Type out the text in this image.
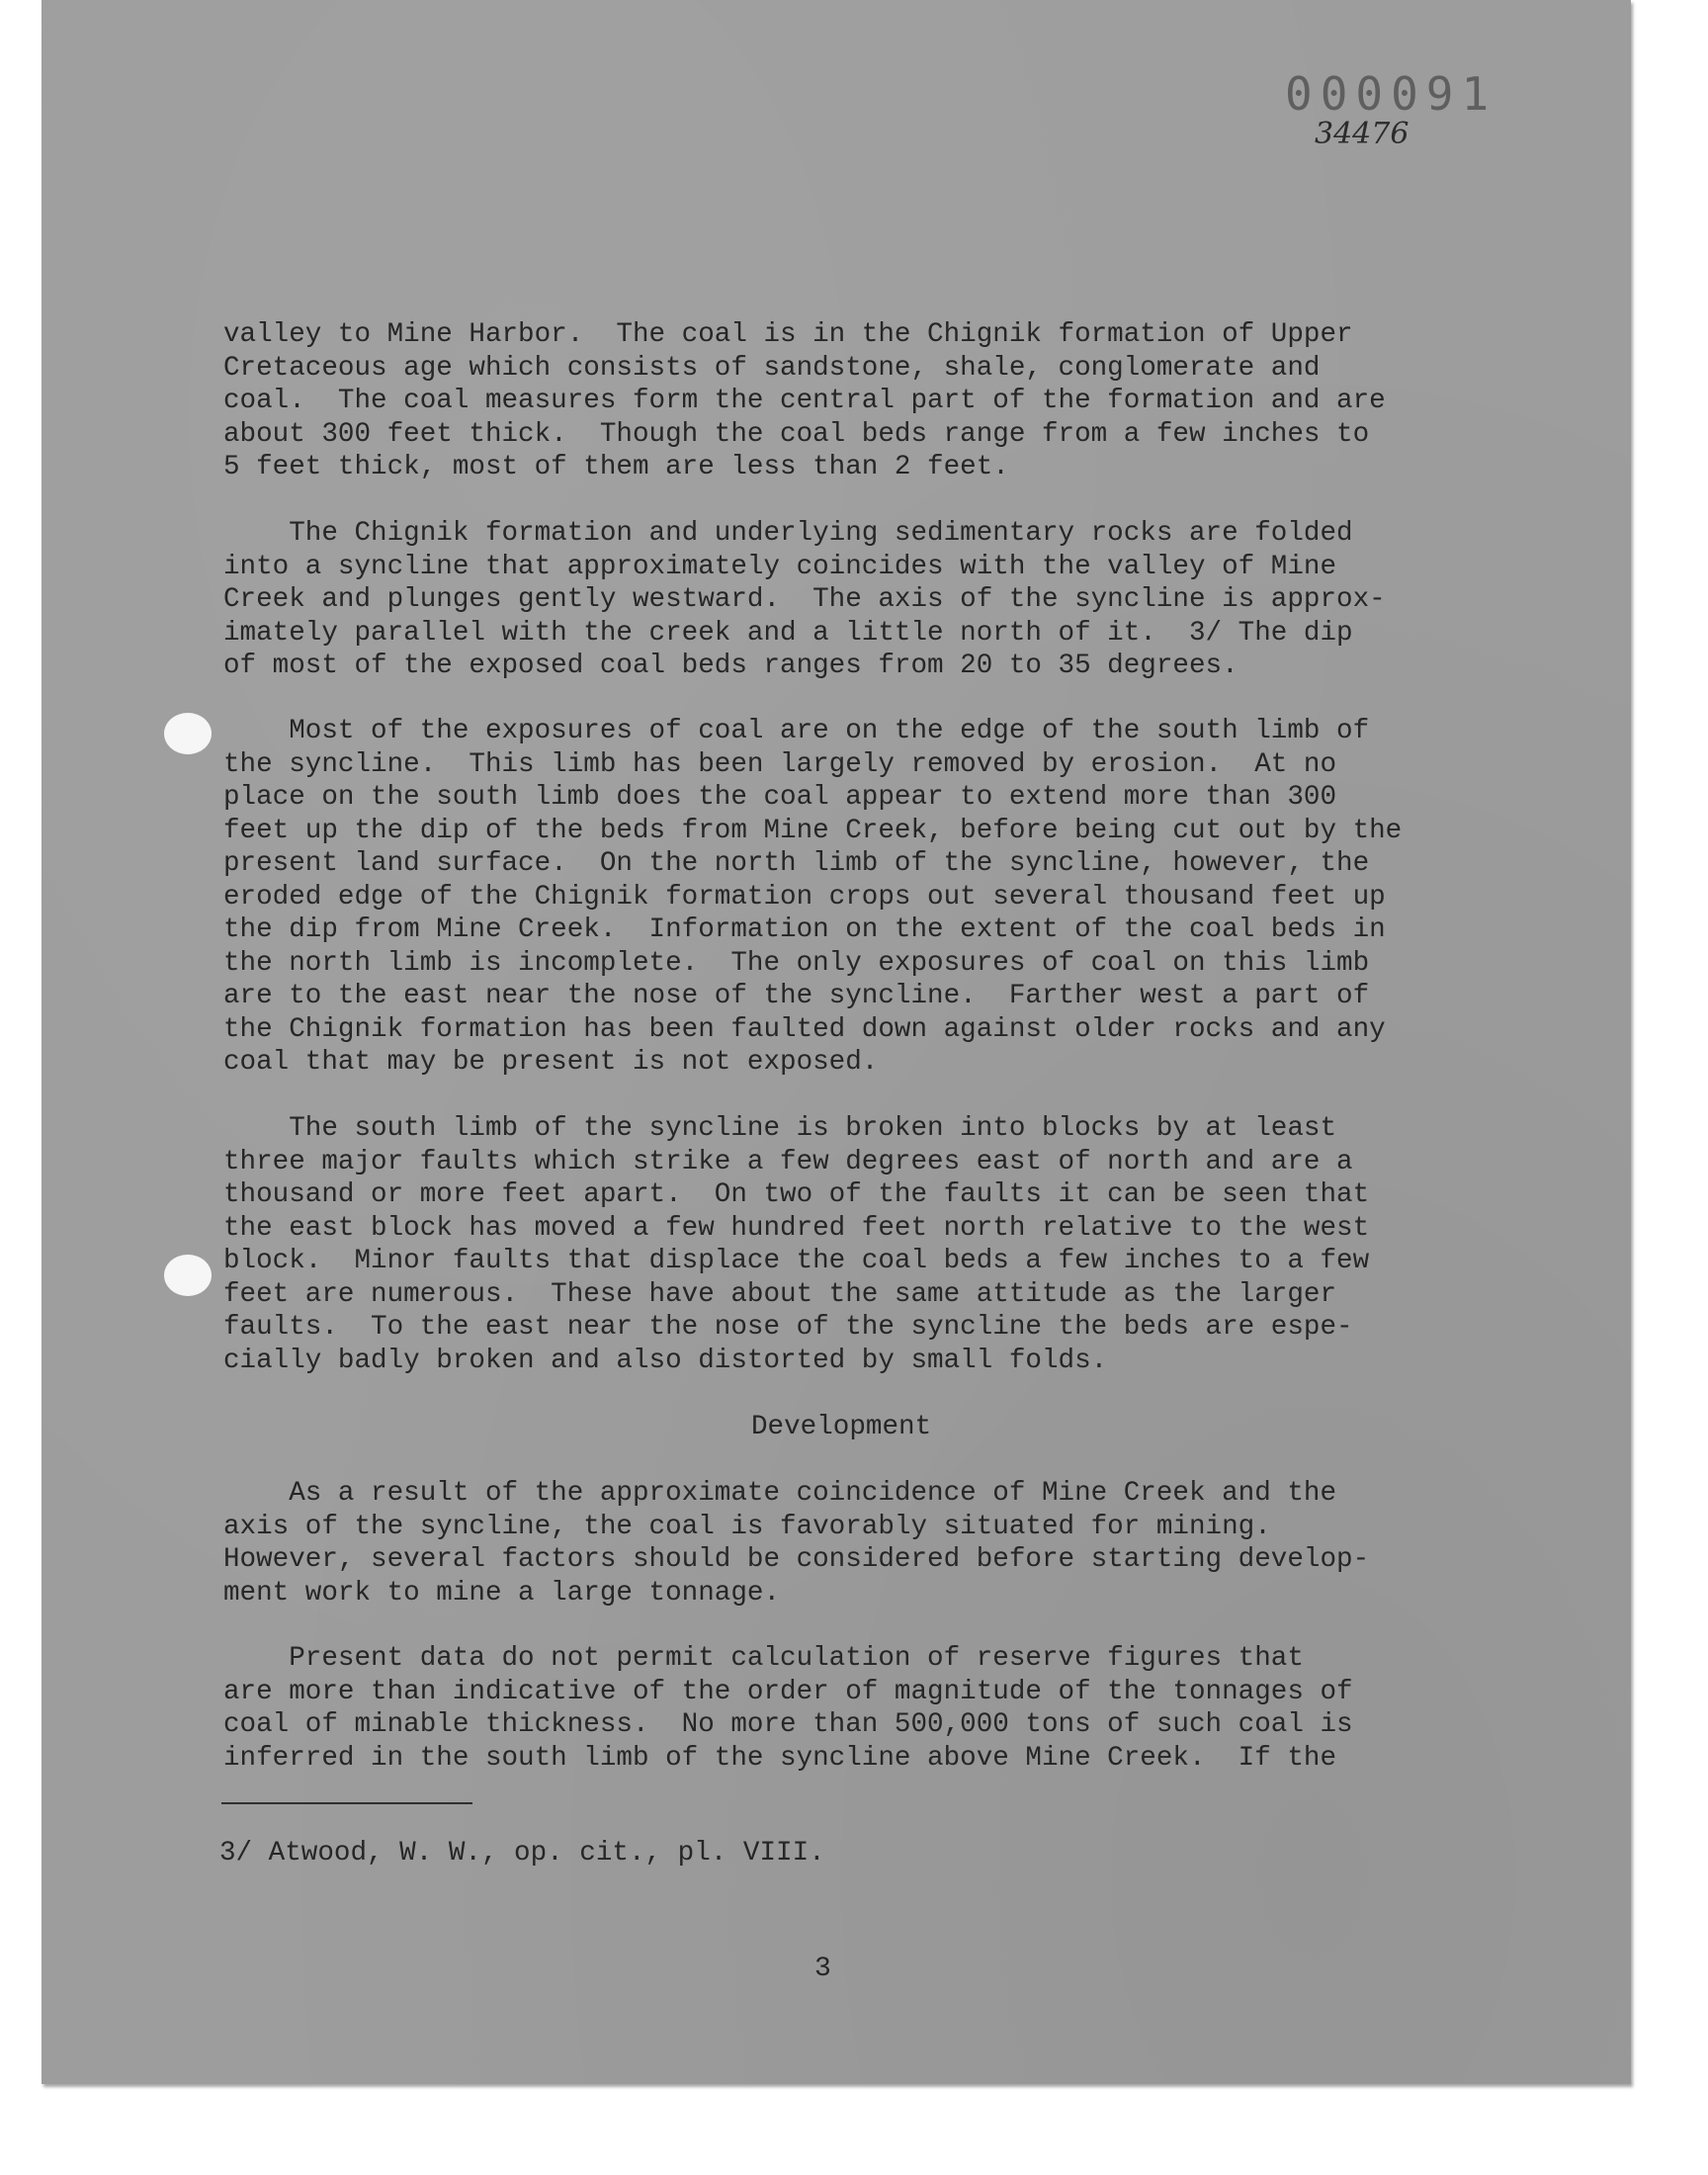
000091
34476
valley to Mine Harbor.  The coal is in the Chignik formation of Upper
Cretaceous age which consists of sandstone, shale, conglomerate and
coal.  The coal measures form the central part of the formation and are
about 300 feet thick.  Though the coal beds range from a few inches to
5 feet thick, most of them are less than 2 feet.
The Chignik formation and underlying sedimentary rocks are folded
into a syncline that approximately coincides with the valley of Mine
Creek and plunges gently westward.  The axis of the syncline is approx-
imately parallel with the creek and a little north of it.  3/ The dip
of most of the exposed coal beds ranges from 20 to 35 degrees.
Most of the exposures of coal are on the edge of the south limb of
the syncline.  This limb has been largely removed by erosion.  At no
place on the south limb does the coal appear to extend more than 300
feet up the dip of the beds from Mine Creek, before being cut out by the
present land surface.  On the north limb of the syncline, however, the
eroded edge of the Chignik formation crops out several thousand feet up
the dip from Mine Creek.  Information on the extent of the coal beds in
the north limb is incomplete.  The only exposures of coal on this limb
are to the east near the nose of the syncline.  Farther west a part of
the Chignik formation has been faulted down against older rocks and any
coal that may be present is not exposed.
The south limb of the syncline is broken into blocks by at least
three major faults which strike a few degrees east of north and are a
thousand or more feet apart.  On two of the faults it can be seen that
the east block has moved a few hundred feet north relative to the west
block.  Minor faults that displace the coal beds a few inches to a few
feet are numerous.  These have about the same attitude as the larger
faults.  To the east near the nose of the syncline the beds are espe-
cially badly broken and also distorted by small folds.
Development
As a result of the approximate coincidence of Mine Creek and the
axis of the syncline, the coal is favorably situated for mining.
However, several factors should be considered before starting develop-
ment work to mine a large tonnage.
Present data do not permit calculation of reserve figures that
are more than indicative of the order of magnitude of the tonnages of
coal of minable thickness.  No more than 500,000 tons of such coal is
inferred in the south limb of the syncline above Mine Creek.  If the
3/ Atwood, W. W., op. cit., pl. VIII.
3
